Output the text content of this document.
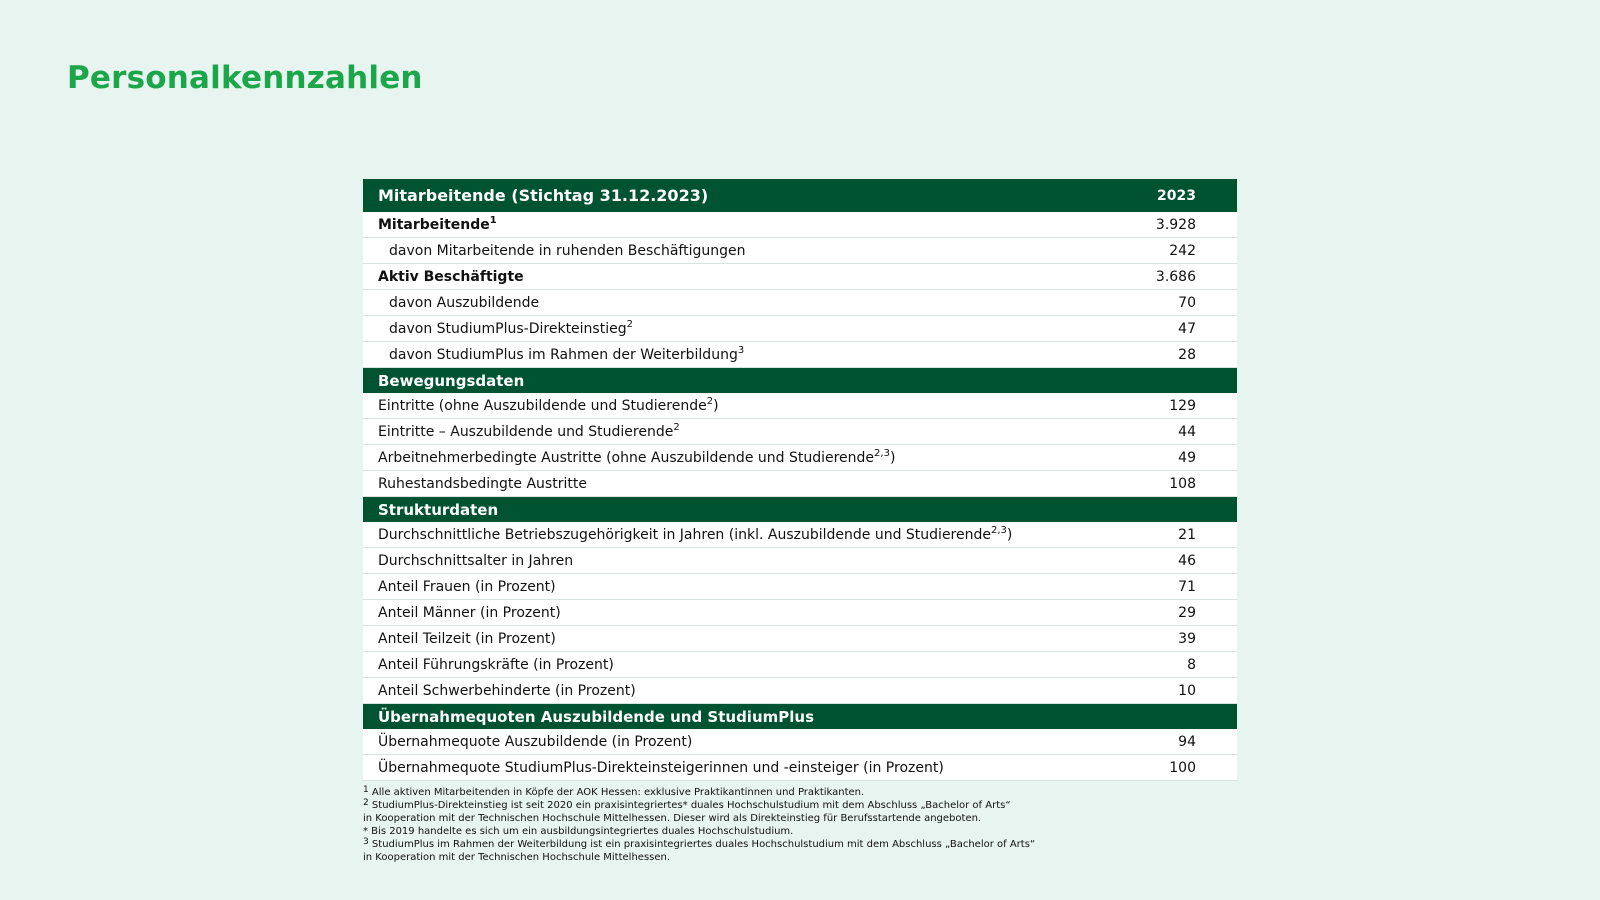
Personalkennzahlen
Mitarbeitende (Stichtag 31.12.2023)	2023
Mitarbeitende$^1$	3.928
davon Mitarbeitende in ruhenden Beschäftigungen	242
Aktiv Beschäftigte	3.686
davon Auszubildende	70
davon StudiumPlus-Direkteinstieg$^2$	47
davon StudiumPlus im Rahmen der Weiterbildung$^3$	28
Bewegungsdaten	
Eintritte (ohne Auszubildende und Studierende$^2$)	129
Eintritte – Auszubildende und Studierende$^2$	44
Arbeitnehmerbedingte Austritte (ohne Auszubildende und Studierende$^{2,3}$)	49
Ruhestandsbedingte Austritte	108
Strukturdaten	
Durchschnittliche Betriebszugehörigkeit in Jahren (inkl. Auszubildende und Studierende$^{2,3}$)	21
Durchschnittsalter in Jahren	46
Anteil Frauen (in Prozent)	71
Anteil Männer (in Prozent)	29
Anteil Teilzeit (in Prozent)	39
Anteil Führungskräfte (in Prozent)	8
Anteil Schwerbehinderte (in Prozent)	10
Übernahmequoten Auszubildende und StudiumPlus	
Übernahmequote Auszubildende (in Prozent)	94
Übernahmequote StudiumPlus-Direkteinsteigerinnen und -einsteiger (in Prozent)	100
$^1$ Alle aktiven Mitarbeitenden in Köpfe der AOK Hessen: exklusive Praktikantinnen und Praktikanten.
$^2$ StudiumPlus-Direkteinstieg ist seit 2020 ein praxisintegriertes* duales Hochschulstudium mit dem Abschluss „Bachelor of Arts“
in Kooperation mit der Technischen Hochschule Mittelhessen. Dieser wird als Direkteinstieg für Berufsstartende angeboten.
* Bis 2019 handelte es sich um ein ausbildungsintegriertes duales Hochschulstudium.
$^3$ StudiumPlus im Rahmen der Weiterbildung ist ein praxisintegriertes duales Hochschulstudium mit dem Abschluss „Bachelor of Arts“
in Kooperation mit der Technischen Hochschule Mittelhessen.
